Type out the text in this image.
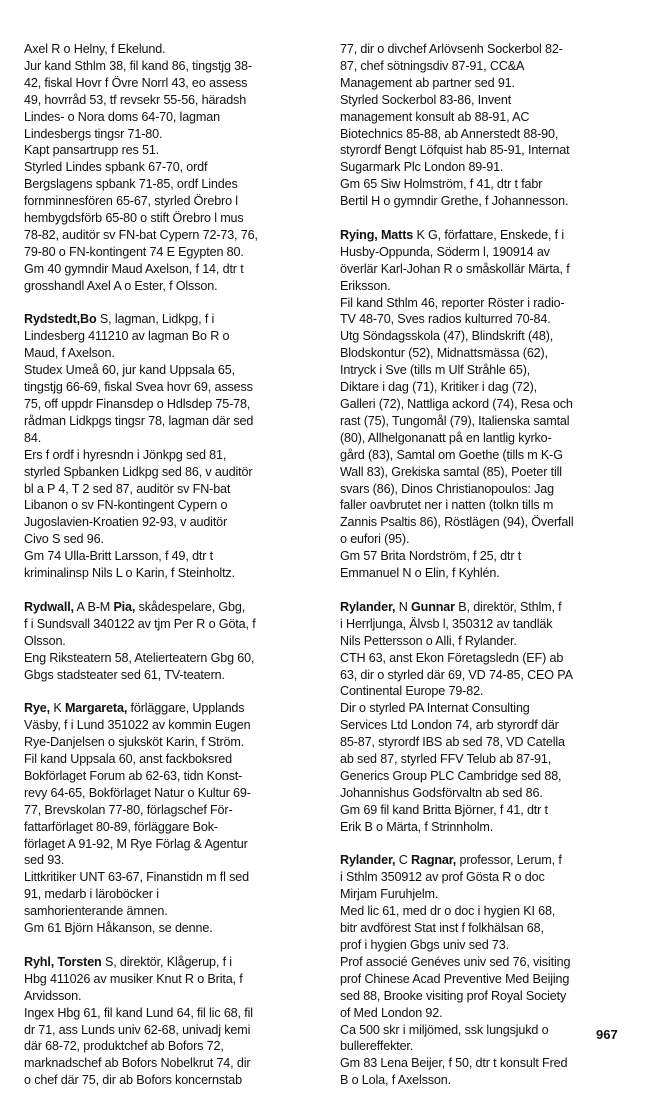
Axel R o Helny, f Ekelund.
Jur kand Sthlm 38, fil kand 86, tingstjg 38-
42, fiskal Hovr f Övre Norrl 43, eo assess
49, hovrråd 53, tf revsekr 55-56, häradsh
Lindes- o Nora doms 64-70, lagman
Lindesbergs tingsr 71-80.

Kapt pansartrupp res 51.

Styrled Lindes spbank 67-70, ordf
Bergslagens spbank 71-85, ordf Lindes
fornminnesfören 65-67, styrled Örebro l
hembygdsförb 65-80 o stift Örebro l mus
78-82, auditör sv FN-bat Cypern 72-73, 76,
79-80 o FN-kontingent 74 E Egypten 80.

Gm 40 gymndir Maud Axelson, f 14, dtr t
grosshandl Axel A o Ester, f Olsson.

Rydstedt,Bo S, lagman, Lidkpg, f i
Lindesberg 411210 av lagman Bo R o
Maud, f Axelson.

Studex Umeå 60, jur kand Uppsala 65,
tingstjg 66-69, fiskal Svea hovr 69, assess
75, off uppdr Finansdep o Hdlsdep 75-78,
rådman Lidkpgs tingsr 78, lagman där sed
84.

Ers f ordf i hyresndn i Jönkpg sed 81,
styrled Spbanken Lidkpg sed 86, v auditör
bl a P 4, T 2 sed 87, auditör sv FN-bat
Libanon o sv FN-kontingent Cypern o
Jugoslavien-Kroatien 92-93, v auditör
Civo S sed 96.

Gm 74 Ulla-Britt Larsson, f 49, dtr t
kriminalinsp Nils L o Karin, f Steinholtz.

Rydwall, A B-M Pia, skådespelare, Gbg,
f i Sundsvall 340122 av tjm Per R o Göta, f
Olsson.

Eng Riksteatern 58, Atelierteatern Gbg 60,
Gbgs stadsteater sed 61, TV-teatern.

Rye, K Margareta, förläggare, Upplands
Väsby, f i Lund 351022 av kommin Eugen
Rye-Danjelsen o sjuksköt Karin, f Ström.

Fil kand Uppsala 60, anst fackboksred
Bokförlaget Forum ab 62-63, tidn Konst-
revy 64-65, Bokförlaget Natur o Kultur 69-
77, Brevskolan 77-80, förlagschef För-
fattarförlaget 80-89, förläggare Bok-
förlaget A 91-92, M Rye Förlag & Agentur
sed 93.

Littkritiker UNT 63-67, Finanstidn m fl sed
91, medarb i läroböcker i
samhorienterande ämnen.

Gm 61 Björn Håkanson, se denne.

Ryhl, Torsten S, direktör, Klågerup, f i
Hbg 411026 av musiker Knut R o Brita, f
Arvidsson.

Ingex Hbg 61, fil kand Lund 64, fil lic 68, fil
dr 71, ass Lunds univ 62-68, univadj kemi
där 68-72, produktchef ab Bofors 72,
marknadschef ab Bofors Nobelkrut 74, dir
o chef där 75, dir ab Bofors koncernstab

77, dir o divchef Arlövsenh Sockerbol 82-
87, chef sötningsdiv 87-91, CC&A
Management ab partner sed 91.

Styrled Sockerbol 83-86, Invent
management konsult ab 88-91, AC
Biotechnics 85-88, ab Annerstedt 88-90,
styrordf Bengt Löfquist hab 85-91, Internat
Sugarmark Plc London 89-91.

Gm 65 Siw Holmström, f 41, dtr t fabr
Bertil H o gymndir Grethe, f Johannesson.

Rying, Matts K G, författare, Enskede, f i
Husby-Oppunda, Söderm l, 190914 av
överlär Karl-Johan R o småskollär Märta, f
Eriksson.

Fil kand Sthlm 46, reporter Röster i radio-
TV 48-70, Sves radios kulturred 70-84.

Utg Söndagsskola (47), Blindskrift (48),
Blodskontur (52), Midnattsmässa (62),
Intryck i Sve (tills m Ulf Stråhle 65),
Diktare i dag (71), Kritiker i dag (72),
Galleri (72), Nattliga ackord (74), Resa och
rast (75), Tungomål (79), Italienska samtal
(80), Allhelgonanatt på en lantlig kyrko-
gård (83), Samtal om Goethe (tills m K-G
Wall 83), Grekiska samtal (85), Poeter till
svars (86), Dinos Christianopoulos: Jag
faller oavbrutet ner i natten (tolkn tills m
Zannis Psaltis 86), Röstlägen (94), Överfall
o eufori (95).

Gm 57 Brita Nordström, f 25, dtr t
Emmanuel N o Elin, f Kyhlén.

Rylander, N Gunnar B, direktör, Sthlm, f
i Herrljunga, Älvsb l, 350312 av tandläk
Nils Pettersson o Alli, f Rylander.

CTH 63, anst Ekon Företagsledn (EF) ab
63, dir o styrled där 69, VD 74-85, CEO PA
Continental Europe 79-82.

Dir o styrled PA Internat Consulting
Services Ltd London 74, arb styrordf där
85-87, styrordf IBS ab sed 78, VD Catella
ab sed 87, styrled FFV Telub ab 87-91,
Generics Group PLC Cambridge sed 88,
Johannishus Godsförvaltn ab sed 86.

Gm 69 fil kand Britta Björner, f 41, dtr t
Erik B o Märta, f Strinnholm.

Rylander, C Ragnar, professor, Lerum, f
i Sthlm 350912 av prof Gösta R o doc
Mirjam Furuhjelm.

Med lic 61, med dr o doc i hygien KI 68,
bitr avdförest Stat inst f folkhälsan 68,
prof i hygien Gbgs univ sed 73.

Prof associé Genéves univ sed 76, visiting
prof Chinese Acad Preventive Med Beijing
sed 88, Brooke visiting prof Royal Society
of Med London 92.

Ca 500 skr i miljömed, ssk lungsjukd o
bullereffekter.

Gm 83 Lena Beijer, f 50, dtr t konsult Fred
B o Lola, f Axelsson.

967
